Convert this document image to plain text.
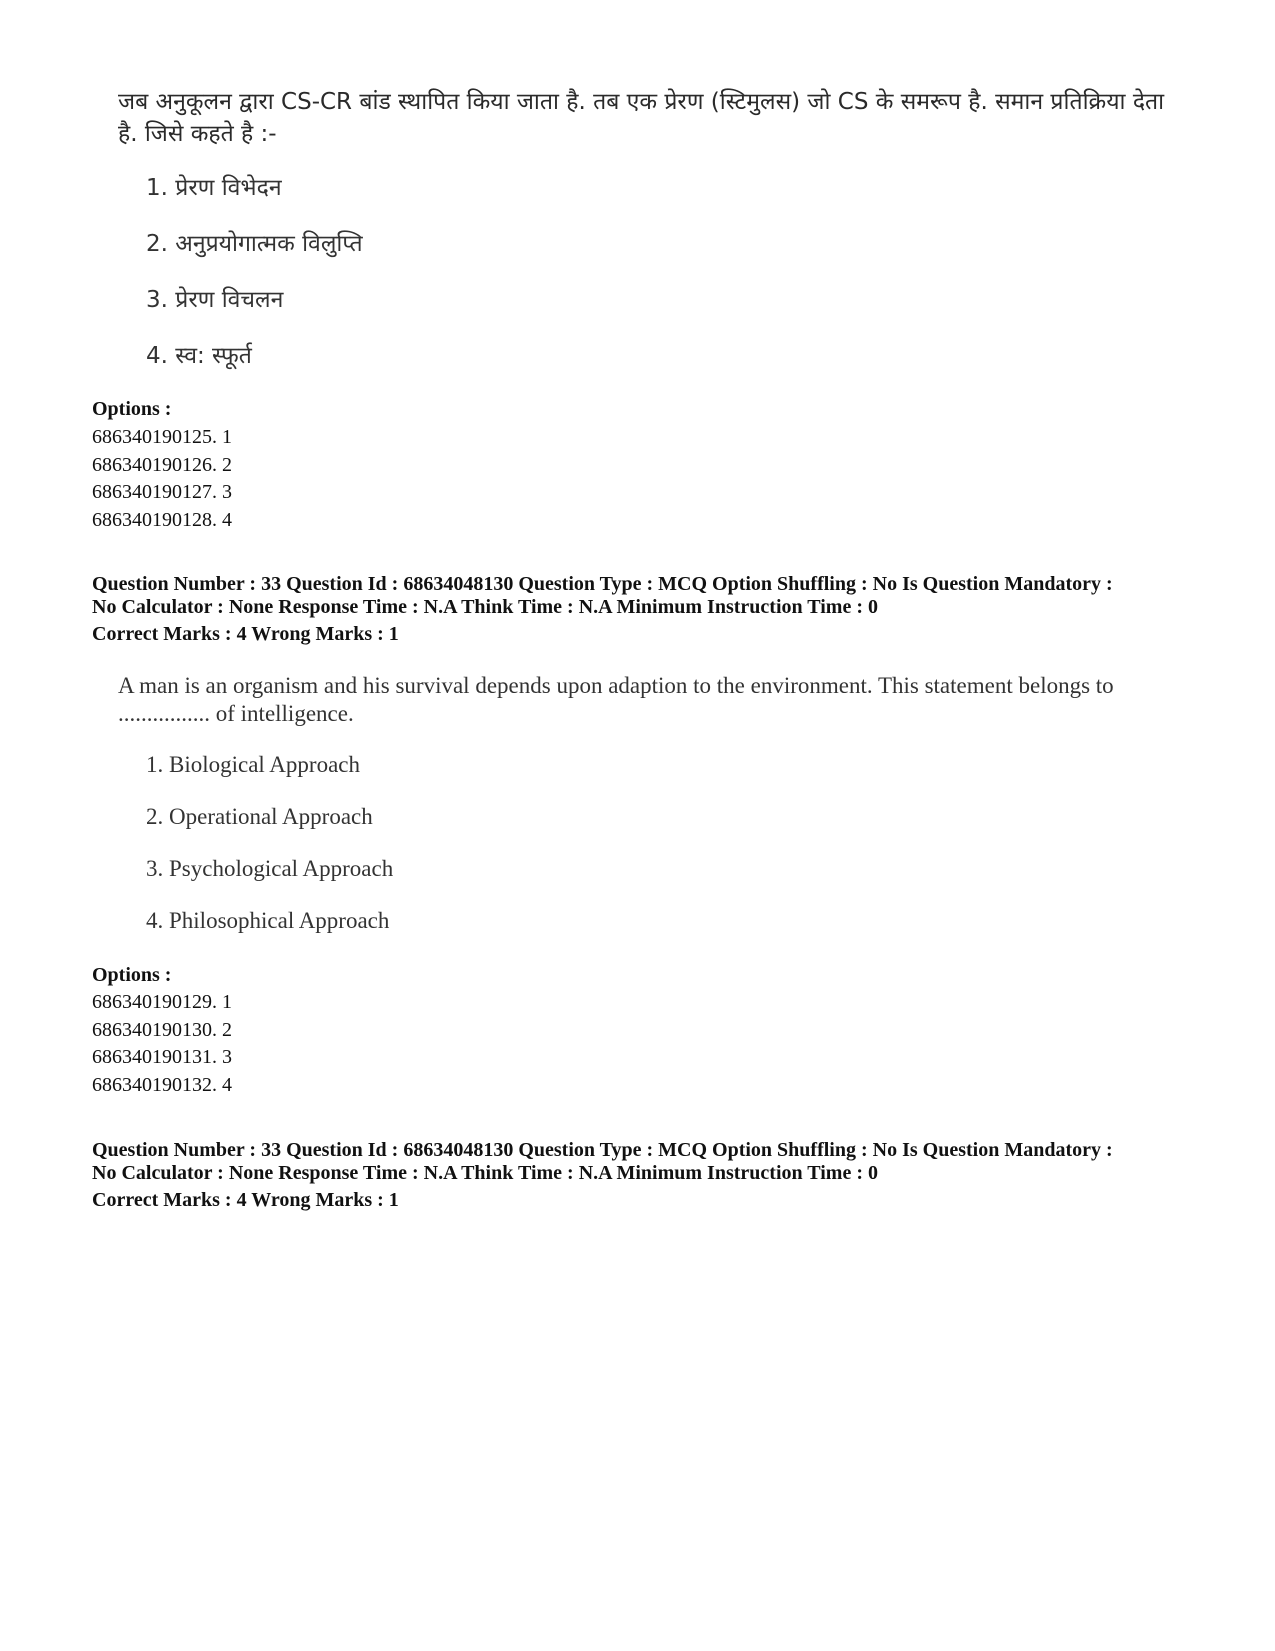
जब अनुकूलन द्वारा CS-CR बांड स्थापित किया जाता है. तब एक प्रेरण (स्टिमुलस) जो CS के समरूप है. समान प्रतिक्रिया देता है. जिसे कहते है :-
1. प्रेरण विभेदन
2. अनुप्रयोगात्मक विलुप्ति
3. प्रेरण विचलन
4. स्व: स्फूर्त
Options :
686340190125. 1
686340190126. 2
686340190127. 3
686340190128. 4
Question Number : 33 Question Id : 68634048130 Question Type : MCQ Option Shuffling : No Is Question Mandatory :
No Calculator : None Response Time : N.A Think Time : N.A Minimum Instruction Time : 0
Correct Marks : 4 Wrong Marks : 1
A man is an organism and his survival depends upon adaption to the environment. This statement belongs to ................ of intelligence.
1. Biological Approach
2. Operational Approach
3. Psychological Approach
4. Philosophical Approach
Options :
686340190129. 1
686340190130. 2
686340190131. 3
686340190132. 4
Question Number : 33 Question Id : 68634048130 Question Type : MCQ Option Shuffling : No Is Question Mandatory :
No Calculator : None Response Time : N.A Think Time : N.A Minimum Instruction Time : 0
Correct Marks : 4 Wrong Marks : 1
